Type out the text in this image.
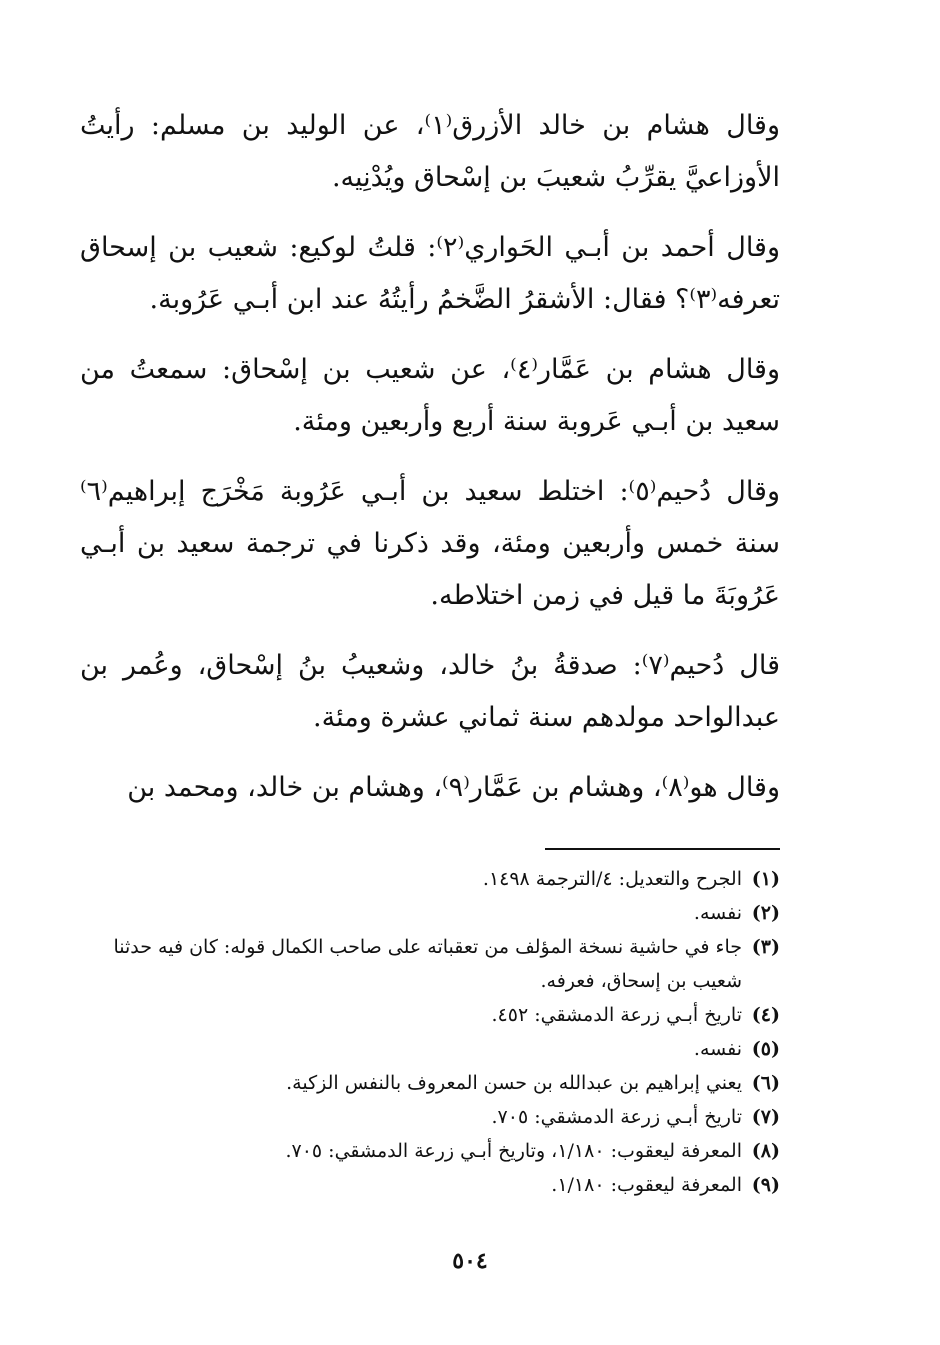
وقال هشام بن خالد الأزرق⁽١⁾، عن الوليد بن مسلم: رأيتُ الأوزاعيَّ يقرِّبُ شعيبَ بن إسْحاق ويُدْنِيه.

وقال أحمد بن أبـي الحَواري⁽٢⁾: قلتُ لوكيع: شعيب بن إسحاق تعرفه⁽٣⁾؟ فقال: الأشقرُ الضَّخمُ رأيتُهُ عند ابن أبـي عَرُوبة.

وقال هشام بن عَمَّار⁽٤⁾، عن شعيب بن إسْحاق: سمعتُ من سعيد بن أبـي عَروبة سنة أربع وأربعين ومئة.

وقال دُحيم⁽٥⁾: اختلط سعيد بن أبـي عَرُوبة مَخْرَج إبراهيم⁽٦⁾ سنة خمس وأربعين ومئة، وقد ذكرنا في ترجمة سعيد بن أبـي عَرُوبَةَ ما قيل في زمن اختلاطه.

قال دُحيم⁽٧⁾: صدقةُ بنُ خالد، وشعيبُ بنُ إسْحاق، وعُمر بن عبدالواحد مولدهم سنة ثماني عشرة ومئة.

وقال هو⁽٨⁾، وهشام بن عَمَّار⁽٩⁾، وهشام بن خالد، ومحمد بن

(١)
الجرح والتعديل: ٤/الترجمة ١٤٩٨.
(٢)
نفسه.
(٣)
جاء في حاشية نسخة المؤلف من تعقباته على صاحب الكمال قوله: كان فيه حدثنا شعيب بن إسحاق، فعرفه.
(٤)
تاريخ أبـي زرعة الدمشقي: ٤٥٢.
(٥)
نفسه.
(٦)
يعني إبراهيم بن عبدالله بن حسن المعروف بالنفس الزكية.
(٧)
تاريخ أبـي زرعة الدمشقي: ٧٠٥.
(٨)
المعرفة ليعقوب: ١/١٨٠، وتاريخ أبـي زرعة الدمشقي: ٧٠٥.
(٩)
المعرفة ليعقوب: ١/١٨٠.
٥٠٤
